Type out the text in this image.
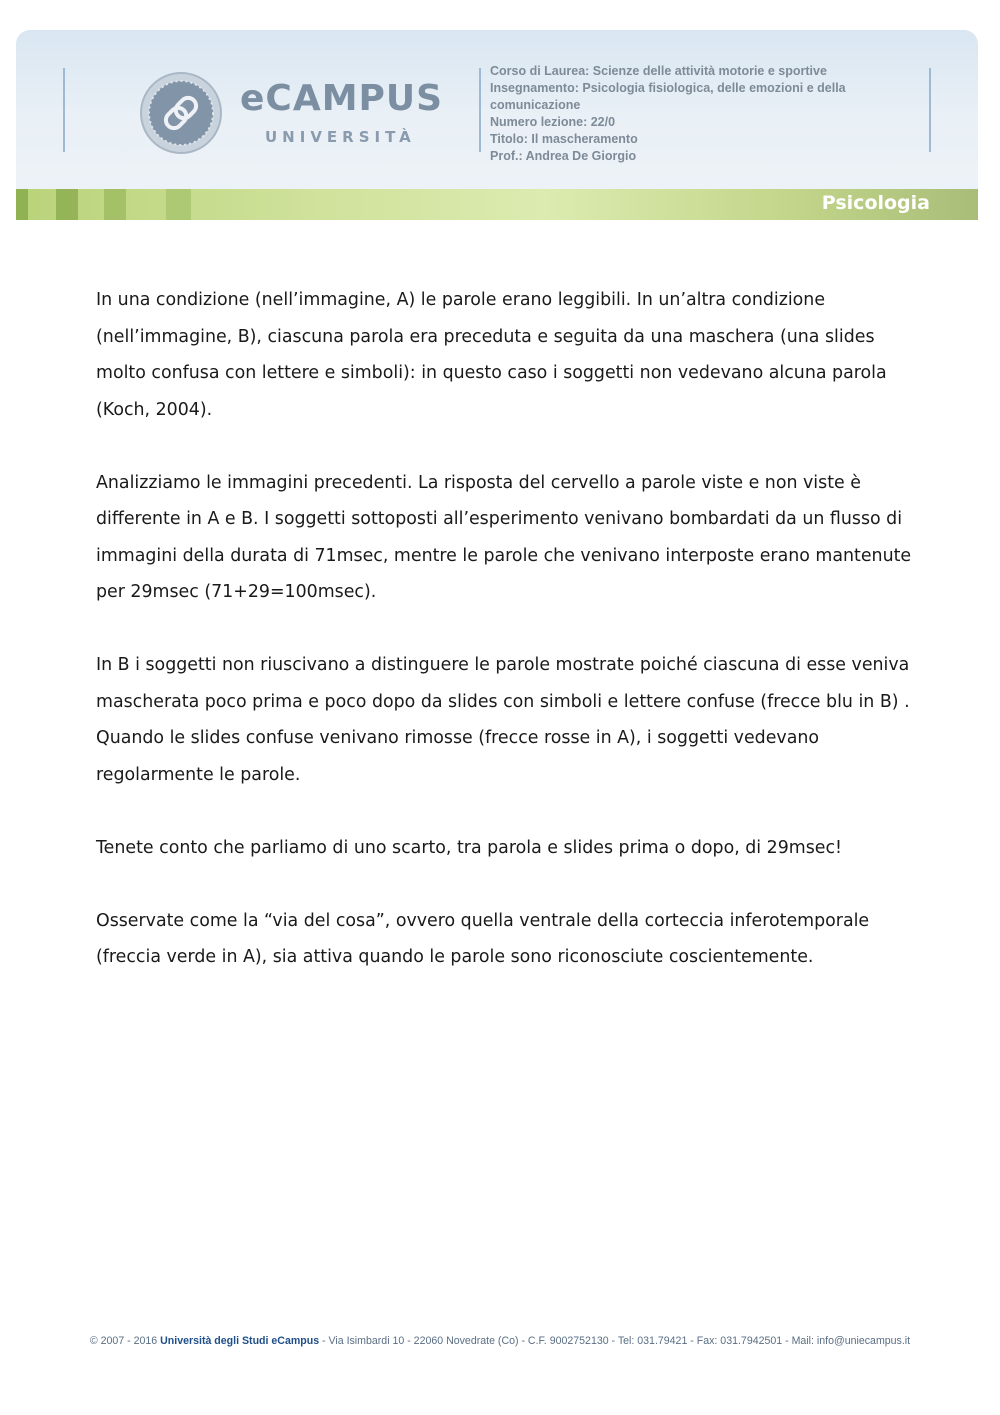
eCAMPUS

UNIVERSITÀ

Corso di Laurea: Scienze delle attività motorie e sportive
Insegnamento: Psicologia fisiologica, delle emozioni e della
comunicazione
Numero lezione: 22/0
Titolo: Il mascheramento
Prof.: Andrea De Giorgio

Psicologia

In una condizione (nell’immagine, A) le parole erano leggibili. In un’altra condizione (nell’immagine, B), ciascuna parola era preceduta e seguita da una maschera (una slides molto confusa con lettere e simboli): in questo caso i soggetti non vedevano alcuna parola (Koch, 2004).

Analizziamo le immagini precedenti. La risposta del cervello a parole viste e non viste è differente in A e B. I soggetti sottoposti all’esperimento venivano bombardati da un flusso di immagini della durata di 71msec, mentre le parole che venivano interposte erano mantenute per 29msec (71+29=100msec).

In B i soggetti non riuscivano a distinguere le parole mostrate poiché ciascuna di esse veniva mascherata poco prima e poco dopo da slides con simboli e lettere confuse (frecce blu in B) . Quando le slides confuse venivano rimosse (frecce rosse in A), i soggetti vedevano regolarmente le parole.

Tenete conto che parliamo di uno scarto, tra parola e slides prima o dopo, di 29msec!

Osservate come la “via del cosa”, ovvero quella ventrale della corteccia inferotemporale (freccia verde in A), sia attiva quando le parole sono riconosciute coscientemente.

© 2007 - 2016 Università degli Studi eCampus - Via Isimbardi 10 - 22060 Novedrate (Co) - C.F. 9002752130 - Tel: 031.79421 - Fax: 031.7942501 - Mail: info@uniecampus.it
